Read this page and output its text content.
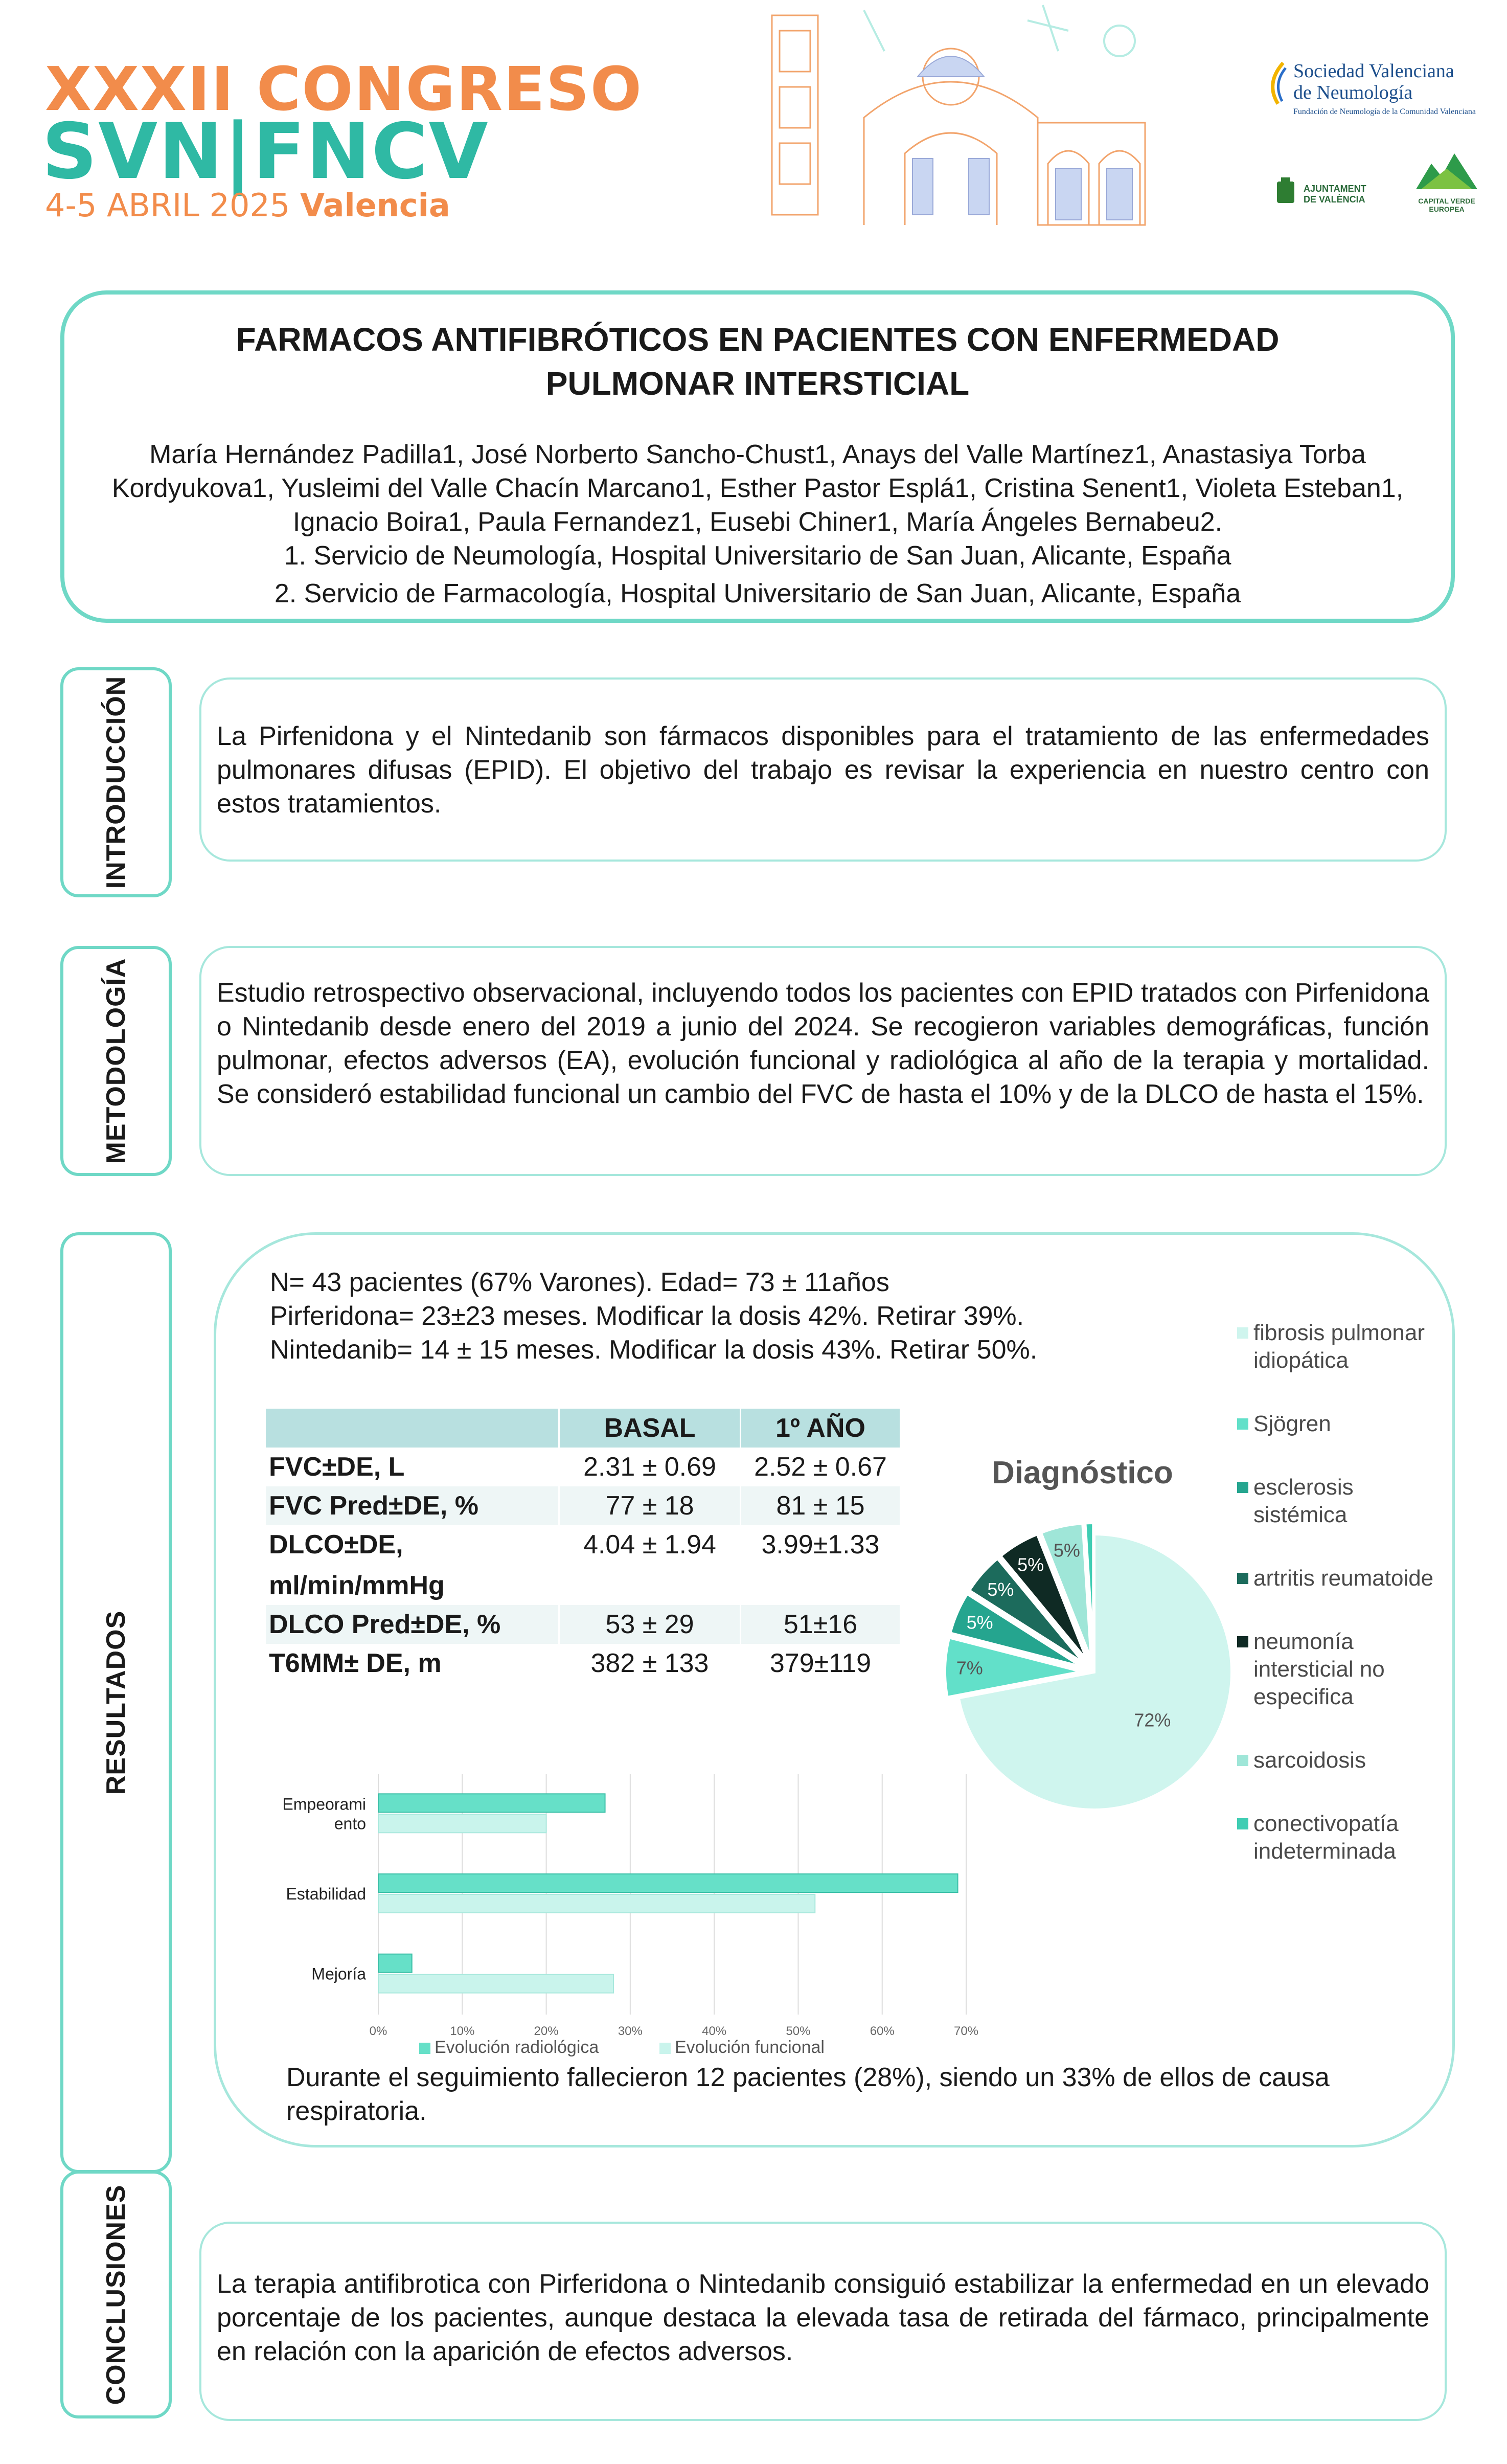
XXXII CONGRESO
SVN|FNCV
4-5 ABRIL 2025 Valencia
Sociedad Valenciana
de Neumología
Fundación de Neumología de la Comunidad Valenciana
AJUNTAMENT DE VALÈNCIA	CAPITAL VERDE EUROPEA
FARMACOS ANTIFIBRÓTICOS EN PACIENTES CON ENFERMEDAD PULMONAR INTERSTICIAL
María Hernández Padilla1, José Norberto Sancho-Chust1, Anays del Valle Martínez1, Anastasiya Torba Kordyukova1, Yusleimi del Valle Chacín Marcano1, Esther Pastor Esplá1, Cristina Senent1, Violeta Esteban1, Ignacio Boira1, Paula Fernandez1, Eusebi Chiner1, María Ángeles Bernabeu2.
1. Servicio de Neumología, Hospital Universitario de San Juan, Alicante, España
2. Servicio de Farmacología, Hospital Universitario de San Juan, Alicante, España
INTRODUCCIÓN	La Pirfenidona y el Nintedanib son fármacos disponibles para el tratamiento de las enfermedades pulmonares difusas (EPID). El objetivo del trabajo es revisar la experiencia en nuestro centro con estos tratamientos.

METODOLOGÍA	Estudio retrospectivo observacional, incluyendo todos los pacientes con EPID tratados con Pirfenidona o Nintedanib desde enero del 2019 a junio del 2024. Se recogieron variables demográficas, función pulmonar, efectos adversos (EA), evolución funcional y radiológica al año de la terapia y mortalidad. Se consideró estabilidad funcional un cambio del FVC de hasta el 10% y de la DLCO de hasta el 15%.

RESULTADOS
N= 43 pacientes (67% Varones). Edad= 73 ± 11años
Pirferidona= 23±23 meses. Modificar la dosis 42%. Retirar 39%.
Nintedanib= 14 ± 15 meses. Modificar la dosis 43%. Retirar 50%.
	BASAL	1º AÑO
FVC±DE, L	2.31 ± 0.69	2.52 ± 0.67
FVC Pred±DE, %	77 ± 18	81 ± 15

DLCO±DE,
ml/min/mmHg	4.04 ± 1.94	3.99±1.33
DLCO Pred±DE, %	53 ± 29	51±16
T6MM± DE, m	382 ± 133	379±119
Diagnóstico
72%
7%
5%
5%
5%
5%
fibrosis pulmonar idiopática
Sjögren
esclerosis sistémica
artritis reumatoide
neumonía intersticial no especifica
sarcoidosis
conectivopatía indeterminada
0%	10%	20%	30%	40%	50%	60%	70%
Empeorami
ento
Estabilidad
Mejoría
Evolución radiológica	Evolución funcional
Durante el seguimiento fallecieron 12 pacientes (28%), siendo un 33% de ellos de causa respiratoria.
CONCLUSIONES	La terapia antifibrotica con Pirferidona o Nintedanib consiguió estabilizar la enfermedad en un elevado porcentaje de los pacientes, aunque destaca la elevada tasa de retirada del fármaco, principalmente en relación con la aparición de efectos adversos.
